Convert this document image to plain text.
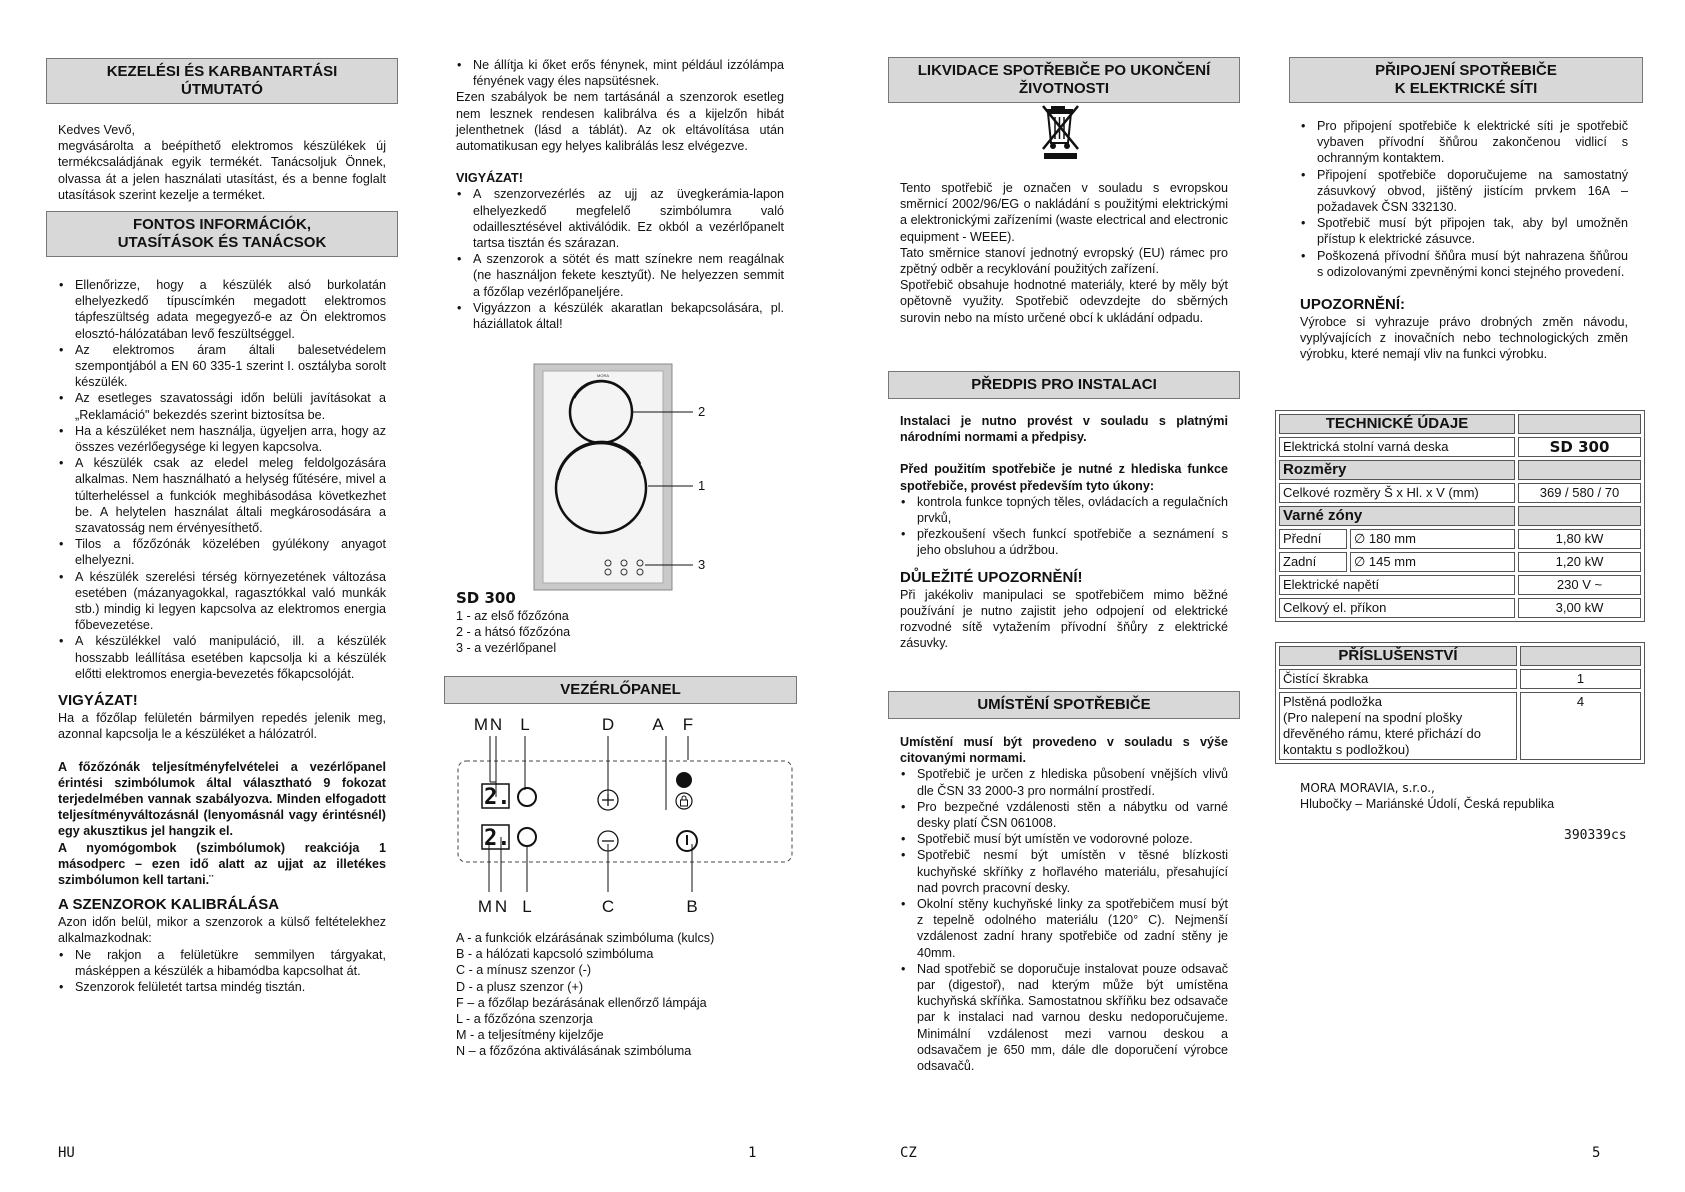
KEZELÉSI ÉS KARBANTARTÁSI
ÚTMUTATÓ

Kedves Vevő,

megvásárolta a beépíthető elektromos készülékek új termékcsaládjának egyik termékét. Tanácsoljuk Önnek, olvassa át a jelen használati utasítást, és a benne foglalt utasítások szerint kezelje a terméket.

FONTOS INFORMÁCIÓK,
UTASÍTÁSOK ÉS TANÁCSOK
• Ellenőrizze, hogy a készülék alsó burkolatán elhelyezkedő típuscímkén megadott elektromos tápfeszültség adata megegyező-e az Ön elektromos elosztó-hálózatában levő feszültséggel.
• Az elektromos áram általi balesetvédelem szempontjából a EN 60 335-1 szerint I. osztályba sorolt készülék.
• Az esetleges szavatossági időn belüli javításokat a „Reklamáció" bekezdés szerint biztosítsa be.
• Ha a készüléket nem használja, ügyeljen arra, hogy az összes vezérlőegysége ki legyen kapcsolva.
• A készülék csak az eledel meleg feldolgozására alkalmas. Nem használható a helység fűtésére, mivel a túlterheléssel a funkciók meghibásodása következhet be. A helytelen használat általi megkárosodására a szavatosság nem érvényesíthető.
• Tilos a főzőzónák közelében gyúlékony anyagot elhelyezni.
• A készülék szerelési térség környezetének változása esetében (mázanyagokkal, ragasztókkal való munkák stb.) mindig ki legyen kapcsolva az elektromos energia főbevezetése.
• A készülékkel való manipuláció, ill. a készülék hosszabb leállítása esetében kapcsolja ki a készülék előtti elektromos energia-bevezetés főkapcsolóját.

VIGYÁZAT!

Ha a főzőlap felületén bármilyen repedés jelenik meg, azonnal kapcsolja le a készüléket a hálózatról.

A főzőzónák teljesítményfelvételei a vezérlőpanel érintési szimbólumok által választható 9 fokozat terjedelmében vannak szabályozva. Minden elfogadott teljesítményváltozásnál (lenyomásnál vagy érintésnél) egy akusztikus jel hangzik el.

A nyomógombok (szimbólumok) reakciója 1 másodperc – ezen idő alatt az ujjat az illetékes szimbólumon kell tartani.¨

A SZENZOROK KALIBRÁLÁSA

Azon időn belül, mikor a szenzorok a külső feltételekhez alkalmazkodnak:

• Ne rakjon a felületükre semmilyen tárgyakat, másképpen a készülék a hibamódba kapcsolhat át.
• Szenzorok felületét tartsa mindég tisztán.
HU
• Ne állítja ki őket erős fénynek, mint például izzólámpa fényének vagy éles napsütésnek.

Ezen szabályok be nem tartásánál a szenzorok esetleg nem lesznek rendesen kalibrálva és a kijelzőn hibát jelenthetnek (lásd a táblát). Az ok eltávolítása után automatikusan egy helyes kalibrálás lesz elvégezve.

VIGYÁZAT!

• A szenzorvezérlés az ujj az üvegkerámia-lapon elhelyezkedő megfelelő szimbólumra való odaillesztésével aktiválódik. Ez okból a vezérlőpanelt tartsa tisztán és szárazan.
• A szenzorok a sötét és matt színekre nem reagálnak (ne használjon fekete kesztyűt). Ne helyezzen semmit a főzőlap vezérlőpaneljére.
• Vigyázzon a készülék akaratlan bekapcsolására, pl. háziállatok által!
MORA
2
1
3

SD 300

1 - az első főzőzóna

2 - a hátsó főzőzóna

3 - a vezérlőpanel

VEZÉRLŐPANEL
M N L	D A F
M N L	C	B
2.
2.

A - a funkciók elzárásának szimbóluma (kulcs)

B - a hálózati kapcsoló szimbóluma

C - a mínusz szenzor (-)

D - a plusz szenzor (+)

F – a főzőlap bezárásának ellenőrző lámpája

L - a főzőzóna szenzorja

M - a teljesítmény kijelzője

N – a főzőzóna aktiválásának szimbóluma

1
LIKVIDACE SPOTŘEBIČE PO UKONČENÍ
ŽIVOTNOSTI

Tento spotřebič je označen v souladu s evropskou směrnicí 2002/96/EG o nakládání s použitými elektrickými a elektronickými zařízeními (waste electrical and electronic equipment - WEEE).

Tato směrnice stanoví jednotný evropský (EU) rámec pro zpětný odběr a recyklování použitých zařízení.

Spotřebič obsahuje hodnotné materiály, které by měly být opětovně využity. Spotřebič odevzdejte do sběrných surovin nebo na místo určené obcí k ukládání odpadu.

PŘEDPIS PRO INSTALACI

Instalaci je nutno provést v souladu s platnými národními normami a předpisy.

Před použitím spotřebiče je nutné z hlediska funkce spotřebiče, provést především tyto úkony:

• kontrola funkce topných těles, ovládacích a regulačních prvků,
• přezkoušení všech funkcí spotřebiče a seznámení s jeho obsluhou a údržbou.

DŮLEŽITÉ UPOZORNĚNÍ!

Při jakékoliv manipulaci se spotřebičem mimo běžné používání je nutno zajistit jeho odpojení od elektrické rozvodné sítě vytažením přívodní šňůry z elektrické zásuvky.

UMÍSTĚNÍ SPOTŘEBIČE

Umístění musí být provedeno v souladu s výše citovanými normami.

• Spotřebič je určen z hlediska působení vnějších vlivů dle ČSN 33 2000-3 pro normální prostředí.
• Pro bezpečné vzdálenosti stěn a nábytku od varné desky platí ČSN 061008.
• Spotřebič musí být umístěn ve vodorovné poloze.
• Spotřebič nesmí být umístěn v těsné blízkosti kuchyňské skříňky z hořlavého materiálu, přesahující nad povrch pracovní desky.
• Okolní stěny kuchyňské linky za spotřebičem musí být z tepelně odolného materiálu (120° C). Nejmenší vzdálenost zadní hrany spotřebiče od zadní stěny je 40mm.
• Nad spotřebič se doporučuje instalovat pouze odsavač par (digestoř), nad kterým může být umístěna kuchyňská skříňka. Samostatnou skříňku bez odsavače par k instalaci nad varnou desku nedoporučujeme. Minimální vzdálenost mezi varnou deskou a odsavačem je 650 mm, dále dle doporučení výrobce odsavačů.
CZ
PŘIPOJENÍ SPOTŘEBIČE
K ELEKTRICKÉ SÍTI
• Pro připojení spotřebiče k elektrické síti je spotřebič vybaven přívodní šňůrou zakončenou vidlicí s ochranným kontaktem.
• Připojení spotřebiče doporučujeme na samostatný zásuvkový obvod, jištěný jistícím prvkem 16A – požadavek ČSN 332130.
• Spotřebič musí být připojen tak, aby byl umožněn přístup k elektrické zásuvce.
• Poškozená přívodní šňůra musí být nahrazena šňůrou s odizolovanými zpevněnými konci stejného provedení.

UPOZORNĚNÍ:

Výrobce si vyhrazuje právo drobných změn návodu, vyplývajících z inovačních nebo technologických změn výrobku, které nemají vliv na funkci výrobku.

TECHNICKÉ ÚDAJE		
Elektrická stolní varná deska		SD 300
Rozměry		
Celkové rozměry Š x Hl. x V (mm)		369 / 580 / 70
Varné zóny		
Přední	∅ 180 mm	1,80 kW
Zadní	∅ 145 mm	1,20 kW
Elektrické napětí		230 V ~
Celkový el. příkon		3,00 kW
PŘÍSLUŠENSTVÍ	
Čistící škrabka	1
Plstěná podložka
(Pro nalepení na spodní plošky dřevěného rámu, které přichází do kontaktu s podložkou)	4

MORA MORAVIA, s.r.o.,

Hlubočky – Mariánské Údolí, Česká republika

390339cs
5
